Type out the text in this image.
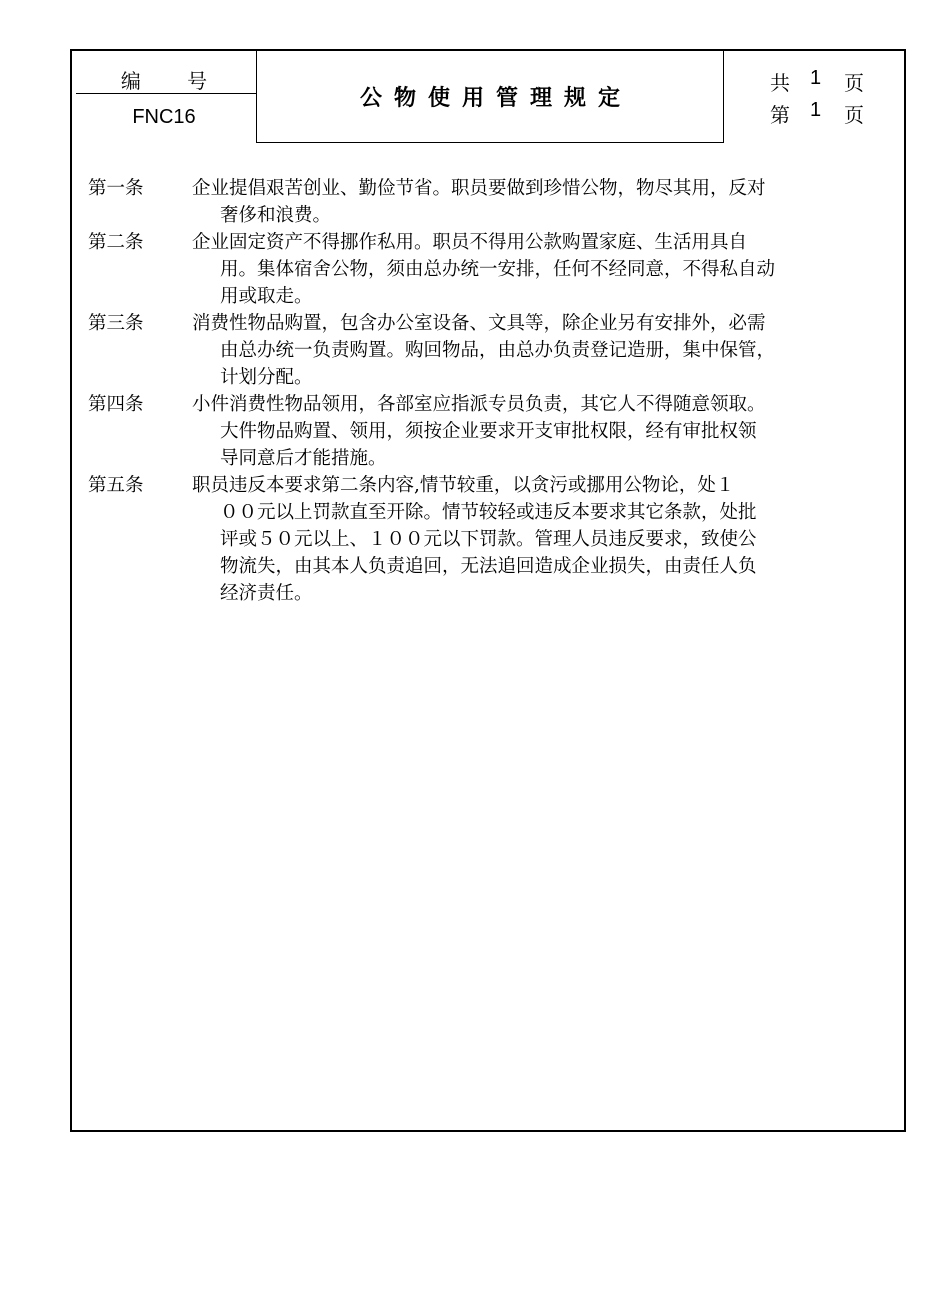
编 号
FNC16
公物使用管理规定
共	1	页
第	1	页
第一条	企业提倡艰苦创业、勤俭节省。职员要做到珍惜公物，物尽其用，反对
奢侈和浪费。
第二条	企业固定资产不得挪作私用。职员不得用公款购置家庭、生活用具自
用。集体宿舍公物，须由总办统一安排，任何不经同意，不得私自动
用或取走。
第三条	消费性物品购置，包含办公室设备、文具等，除企业另有安排外，必需
由总办统一负责购置。购回物品，由总办负责登记造册，集中保管，
计划分配。
第四条	小件消费性物品领用，各部室应指派专员负责，其它人不得随意领取。
大件物品购置、领用，须按企业要求开支审批权限，经有审批权领
导同意后才能措施。
第五条	职员违反本要求第二条内容,情节较重，以贪污或挪用公物论，处１
００元以上罚款直至开除。情节较轻或违反本要求其它条款，处批
评或５０元以上、１００元以下罚款。管理人员违反要求，致使公
物流失，由其本人负责追回，无法追回造成企业损失，由责任人负
经济责任。
